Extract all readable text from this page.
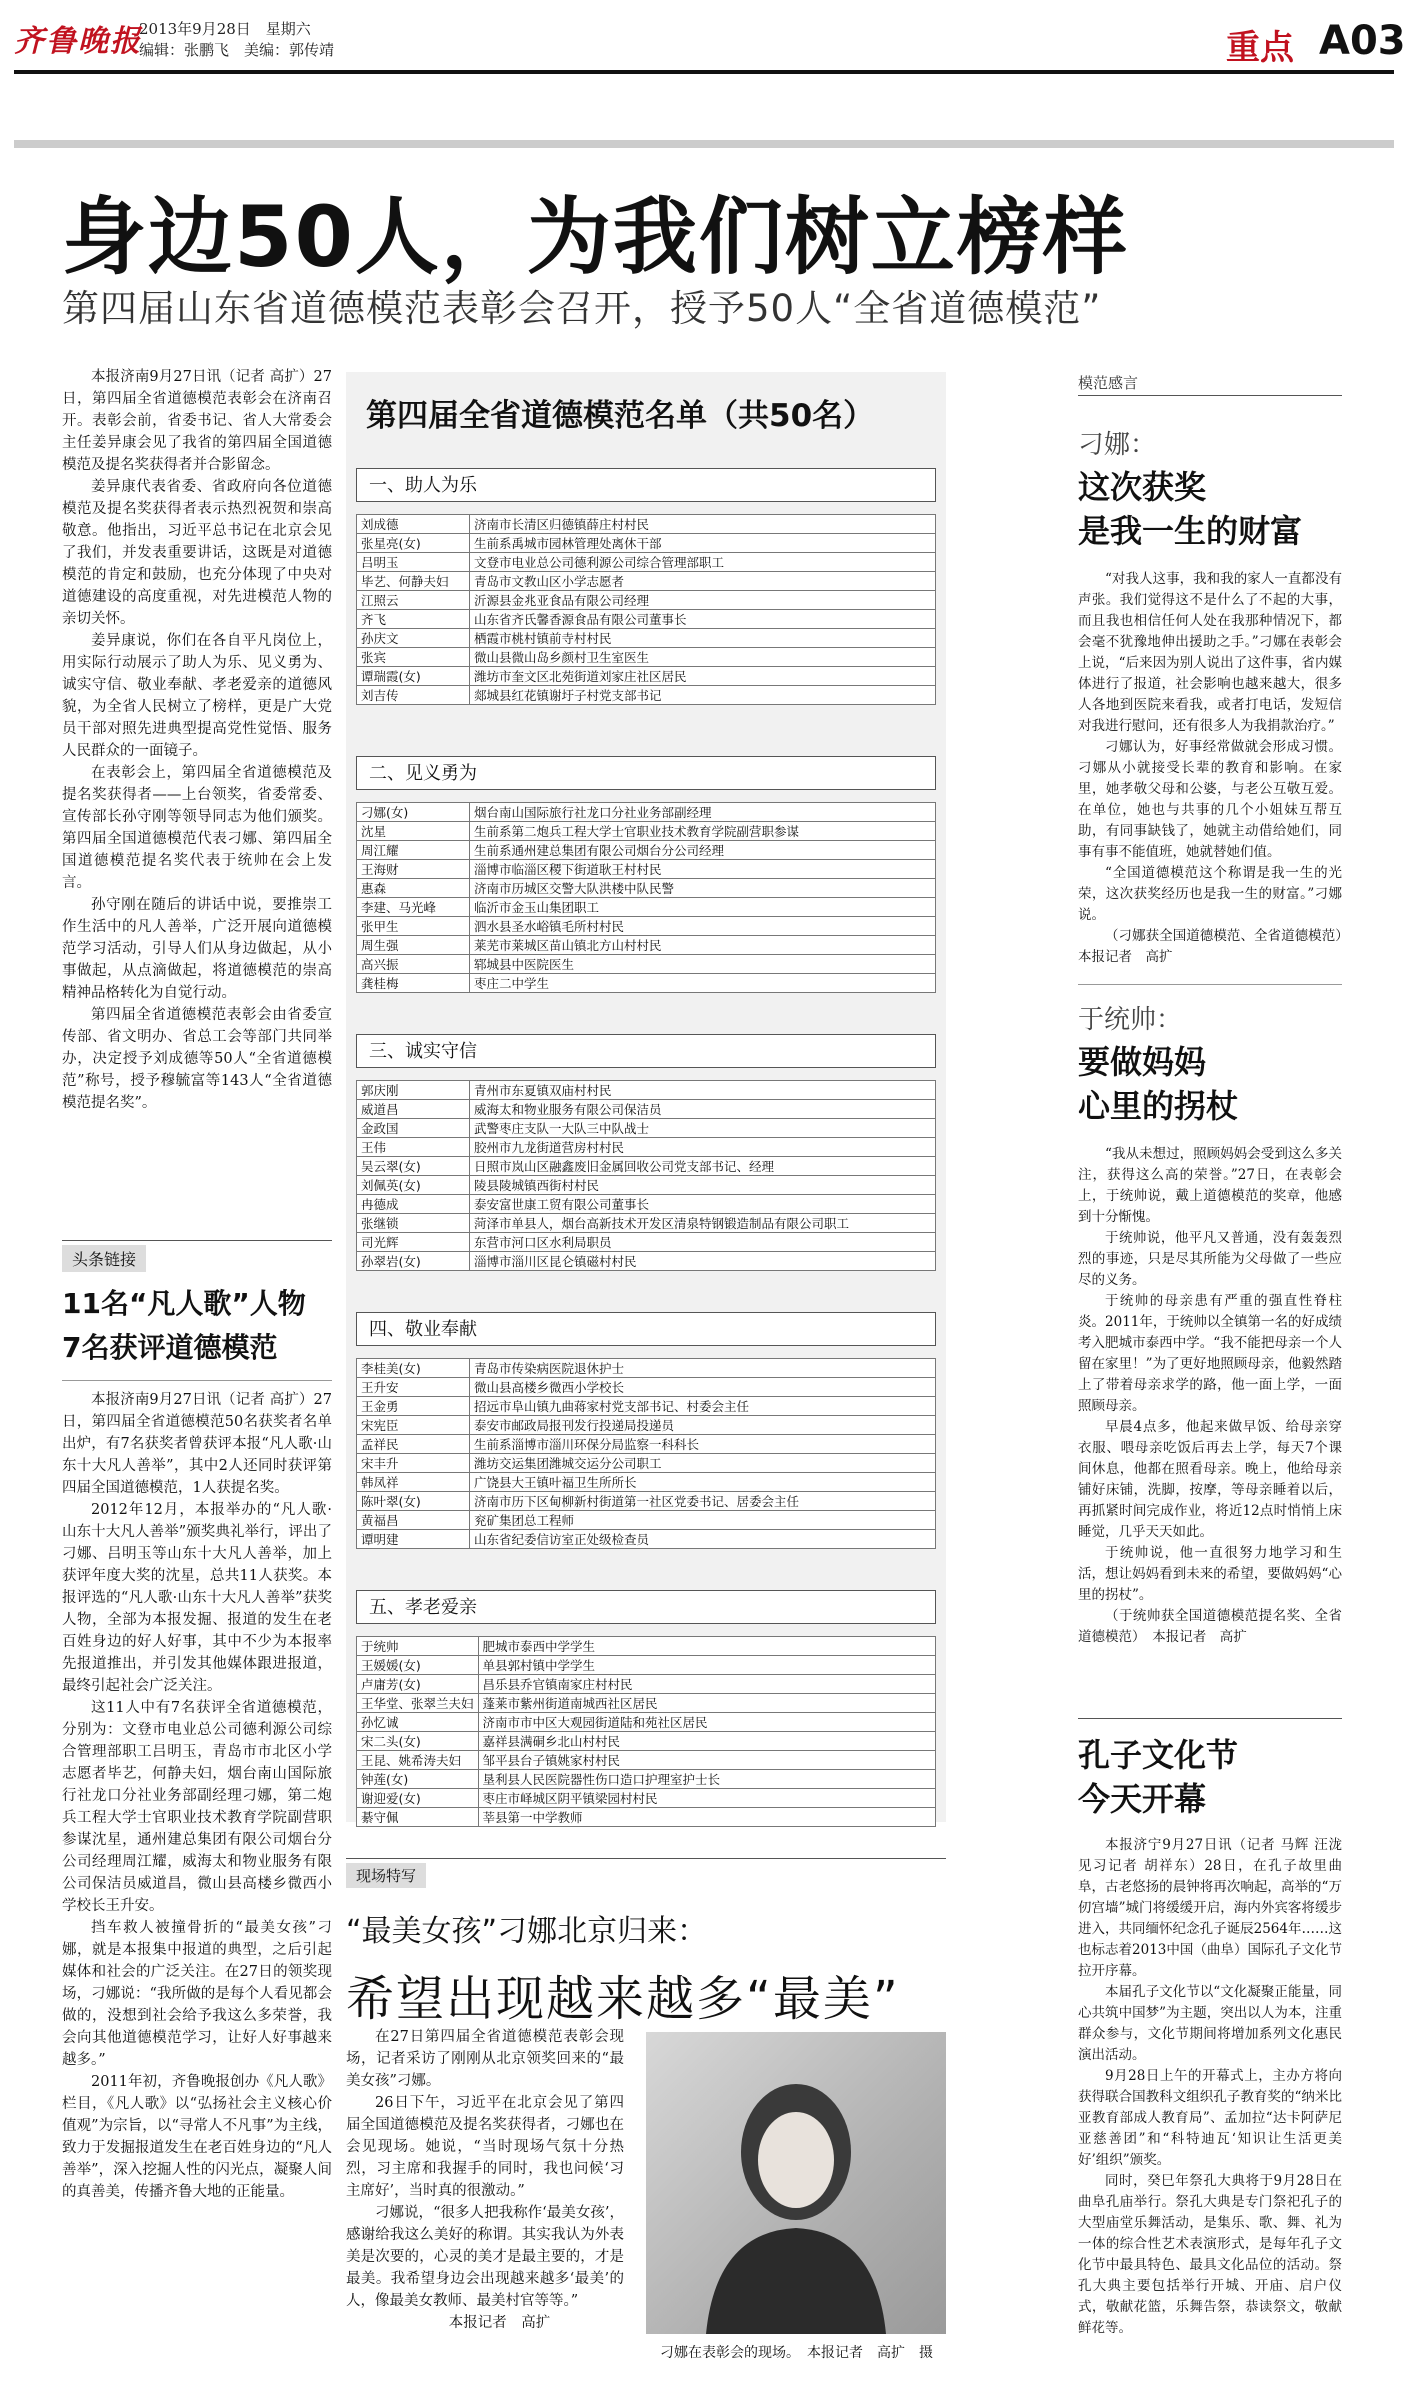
齐鲁晚报
2013年9月28日　星期六
编辑：张鹏飞　美编：郭传靖	重点 A03
身边50人，为我们树立榜样
第四届山东省道德模范表彰会召开，授予50人“全省道德模范”

本报济南9月27日讯（记者 高扩）27日，第四届全省道德模范表彰会在济南召开。表彰会前，省委书记、省人大常委会主任姜异康会见了我省的第四届全国道德模范及提名奖获得者并合影留念。

姜异康代表省委、省政府向各位道德模范及提名奖获得者表示热烈祝贺和崇高敬意。他指出，习近平总书记在北京会见了我们，并发表重要讲话，这既是对道德模范的肯定和鼓励，也充分体现了中央对道德建设的高度重视，对先进模范人物的亲切关怀。

姜异康说，你们在各自平凡岗位上，用实际行动展示了助人为乐、见义勇为、诚实守信、敬业奉献、孝老爱亲的道德风貌，为全省人民树立了榜样，更是广大党员干部对照先进典型提高党性觉悟、服务人民群众的一面镜子。

在表彰会上，第四届全省道德模范及提名奖获得者——上台领奖，省委常委、宣传部长孙守刚等领导同志为他们颁奖。第四届全国道德模范代表刁娜、第四届全国道德模范提名奖代表于统帅在会上发言。

孙守刚在随后的讲话中说，要推崇工作生活中的凡人善举，广泛开展向道德模范学习活动，引导人们从身边做起，从小事做起，从点滴做起，将道德模范的崇高精神品格转化为自觉行动。

第四届全省道德模范表彰会由省委宣传部、省文明办、省总工会等部门共同举办，决定授予刘成德等50人“全省道德模范”称号，授予穆毓富等143人“全省道德模范提名奖”。

头条链接
11名“凡人歌”人物
7名获评道德模范

本报济南9月27日讯（记者 高扩）27日，第四届全省道德模范50名获奖者名单出炉，有7名获奖者曾获评本报“凡人歌·山东十大凡人善举”，其中2人还同时获评第四届全国道德模范，1人获提名奖。

2012年12月，本报举办的“凡人歌·山东十大凡人善举”颁奖典礼举行，评出了刁娜、吕明玉等山东十大凡人善举，加上获评年度大奖的沈星，总共11人获奖。本报评选的“凡人歌·山东十大凡人善举”获奖人物，全部为本报发掘、报道的发生在老百姓身边的好人好事，其中不少为本报率先报道推出，并引发其他媒体跟进报道，最终引起社会广泛关注。

这11人中有7名获评全省道德模范，分别为：文登市电业总公司德利源公司综合管理部职工吕明玉，青岛市市北区小学志愿者毕艺，何静夫妇，烟台南山国际旅行社龙口分社业务部副经理刁娜，第二炮兵工程大学士官职业技术教育学院副营职参谋沈星，通州建总集团有限公司烟台分公司经理周江耀，威海太和物业服务有限公司保洁员威道昌，微山县高楼乡微西小学校长王升安。

挡车救人被撞骨折的“最美女孩”刁娜，就是本报集中报道的典型，之后引起媒体和社会的广泛关注。在27日的领奖现场，刁娜说：“我所做的是每个人看见都会做的，没想到社会给予我这么多荣誉，我会向其他道德模范学习，让好人好事越来越多。”

2011年初，齐鲁晚报创办《凡人歌》栏目，《凡人歌》以“弘扬社会主义核心价值观”为宗旨，以“寻常人不凡事”为主线，致力于发掘报道发生在老百姓身边的“凡人善举”，深入挖掘人性的闪光点，凝聚人间的真善美，传播齐鲁大地的正能量。

第四届全省道德模范名单（共50名）
一、助人为乐
刘成德	济南市长清区归德镇薛庄村村民
张星亮(女)	生前系禹城市园林管理处离休干部
吕明玉	文登市电业总公司德利源公司综合管理部职工
毕艺、何静夫妇	青岛市文教山区小学志愿者
江照云	沂源县金兆亚食品有限公司经理
齐飞	山东省齐氏馨香源食品有限公司董事长
孙庆文	栖霞市桃村镇前寺村村民
张宾	微山县微山岛乡颜村卫生室医生
谭瑞霞(女)	潍坊市奎文区北苑街道刘家庄社区居民
刘吉传	郯城县红花镇谢圩子村党支部书记
二、见义勇为
刁娜(女)	烟台南山国际旅行社龙口分社业务部副经理
沈星	生前系第二炮兵工程大学士官职业技术教育学院副营职参谋
周江耀	生前系通州建总集团有限公司烟台分公司经理
王海财	淄博市临淄区稷下街道耿王村村民
惠森	济南市历城区交警大队洪楼中队民警
李建、马光峰	临沂市金玉山集团职工
张甲生	泗水县圣水峪镇毛所村村民
周生强	莱芜市莱城区苗山镇北方山村村民
高兴振	郓城县中医院医生
龚桂梅	枣庄二中学生
三、诚实守信
郭庆刚	青州市东夏镇双庙村村民
威道昌	威海太和物业服务有限公司保洁员
金政国	武警枣庄支队一大队三中队战士
王伟	胶州市九龙街道营房村村民
吴云翠(女)	日照市岚山区融鑫废旧金属回收公司党支部书记、经理
刘佩英(女)	陵县陵城镇西街村村民
冉德成	泰安富世康工贸有限公司董事长
张继锁	菏泽市单县人，烟台高新技术开发区清泉特钢锻造制品有限公司职工
司光辉	东营市河口区水利局职员
孙翠岩(女)	淄博市淄川区昆仑镇磁村村民
四、敬业奉献
李桂美(女)	青岛市传染病医院退休护士
王升安	微山县高楼乡微西小学校长
王金勇	招远市阜山镇九曲蒋家村党支部书记、村委会主任
宋宪臣	泰安市邮政局报刊发行投递局投递员
孟祥民	生前系淄博市淄川环保分局监察一科科长
宋丰升	潍坊交运集团潍城交运分公司职工
韩凤祥	广饶县大王镇叶福卫生所所长
陈叶翠(女)	济南市历下区甸柳新村街道第一社区党委书记、居委会主任
黄福昌	兖矿集团总工程师
谭明建	山东省纪委信访室正处级检查员
五、孝老爱亲
于统帅	肥城市泰西中学学生
王媛媛(女)	单县郭村镇中学学生
卢庸芳(女)	昌乐县乔官镇南家庄村村民
王华堂、张翠兰夫妇	蓬莱市紫州街道南城西社区居民
孙忆诚	济南市市中区大观园街道陆和苑社区居民
宋二头(女)	嘉祥县满硐乡北山村村民
王昆、姚希涛夫妇	邹平县台子镇姚家村村民
钟莲(女)	垦利县人民医院器性伤口造口护理室护士长
谢迎爱(女)	枣庄市峄城区阴平镇梁园村村民
綦守佩	莘县第一中学教师
现场特写
“最美女孩”刁娜北京归来：
希望出现越来越多“最美”

在27日第四届全省道德模范表彰会现场，记者采访了刚刚从北京领奖回来的“最美女孩”刁娜。

26日下午，习近平在北京会见了第四届全国道德模范及提名奖获得者，刁娜也在会见现场。她说，“当时现场气氛十分热烈，习主席和我握手的同时，我也问候‘习主席好’，当时真的很激动。”

刁娜说，“很多人把我称作‘最美女孩’，感谢给我这么美好的称谓。其实我认为外表美是次要的，心灵的美才是最主要的，才是最美。我希望身边会出现越来越多‘最美’的人，像最美女教师、最美村官等等。”

本报记者　高扩

刁娜在表彰会的现场。　本报记者　高扩　摄
模范感言
刁娜：
这次获奖
是我一生的财富

“对我人这事，我和我的家人一直都没有声张。我们觉得这不是什么了不起的大事，而且我也相信任何人处在我那种情况下，都会毫不犹豫地伸出援助之手。”刁娜在表彰会上说，“后来因为别人说出了这件事，省内媒体进行了报道，社会影响也越来越大，很多人各地到医院来看我，或者打电话，发短信对我进行慰问，还有很多人为我捐款治疗。”

刁娜认为，好事经常做就会形成习惯。刁娜从小就接受长辈的教育和影响。在家里，她孝敬父母和公婆，与老公互敬互爱。在单位，她也与共事的几个小姐妹互帮互助，有同事缺钱了，她就主动借给她们，同事有事不能值班，她就替她们值。

“全国道德模范这个称谓是我一生的光荣，这次获奖经历也是我一生的财富。”刁娜说。

（刁娜获全国道德模范、全省道德模范）　本报记者　高扩

于统帅：
要做妈妈
心里的拐杖

“我从未想过，照顾妈妈会受到这么多关注，获得这么高的荣誉。”27日，在表彰会上，于统帅说，戴上道德模范的奖章，他感到十分惭愧。

于统帅说，他平凡又普通，没有轰轰烈烈的事迹，只是尽其所能为父母做了一些应尽的义务。

于统帅的母亲患有严重的强直性脊柱炎。2011年，于统帅以全镇第一名的好成绩考入肥城市泰西中学。“我不能把母亲一个人留在家里！”为了更好地照顾母亲，他毅然踏上了带着母亲求学的路，他一面上学，一面照顾母亲。

早晨4点多，他起来做早饭、给母亲穿衣服、喂母亲吃饭后再去上学，每天7个课间休息，他都在照看母亲。晚上，他给母亲铺好床铺，洗脚，按摩，等母亲睡着以后，再抓紧时间完成作业，将近12点时悄悄上床睡觉，几乎天天如此。

于统帅说，他一直很努力地学习和生活，想让妈妈看到未来的希望，要做妈妈“心里的拐杖”。

（于统帅获全国道德模范提名奖、全省道德模范）　本报记者　高扩

孔子文化节
今天开幕

本报济宁9月27日讯（记者 马辉 汪泷 见习记者 胡祥东）28日，在孔子故里曲阜，古老悠扬的晨钟将再次响起，高举的“万仞宫墙”城门将缓缓开启，海内外宾客将缓步进入，共同缅怀纪念孔子诞辰2564年……这也标志着2013中国（曲阜）国际孔子文化节拉开序幕。

本届孔子文化节以“文化凝聚正能量，同心共筑中国梦”为主题，突出以人为本，注重群众参与，文化节期间将增加系列文化惠民演出活动。

9月28日上午的开幕式上，主办方将向获得联合国教科文组织孔子教育奖的“纳米比亚教育部成人教育局”、孟加拉“达卡阿萨尼亚慈善团”和“科特迪瓦‘知识让生活更美好’组织”颁奖。

同时，癸巳年祭孔大典将于9月28日在曲阜孔庙举行。祭孔大典是专门祭祀孔子的大型庙堂乐舞活动，是集乐、歌、舞、礼为一体的综合性艺术表演形式，是每年孔子文化节中最具特色、最具文化品位的活动。祭孔大典主要包括举行开城、开庙、启户仪式，敬献花篮，乐舞告祭，恭读祭文，敬献鲜花等。
